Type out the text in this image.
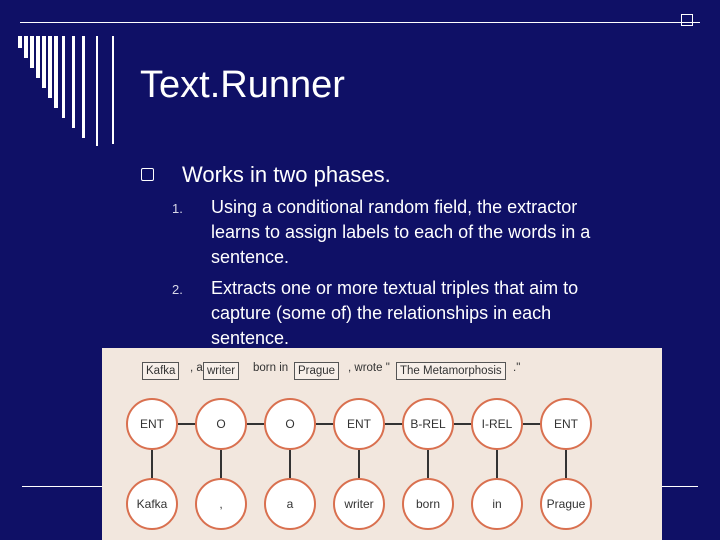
Text.Runner
Works in two phases.
1. Using a conditional random field, the extractor
learns to assign labels to each of the words in a
sentence.
2. Extracts one or more textual triples that aim to
capture (some of) the relationships in each
sentence.
Kafka	, a writer	born in Prague	, wrote " The Metamorphosis ."
ENT	O	O	ENT	B-REL	I-REL	ENT
Kafka	,	a	writer	born	in	Prague
